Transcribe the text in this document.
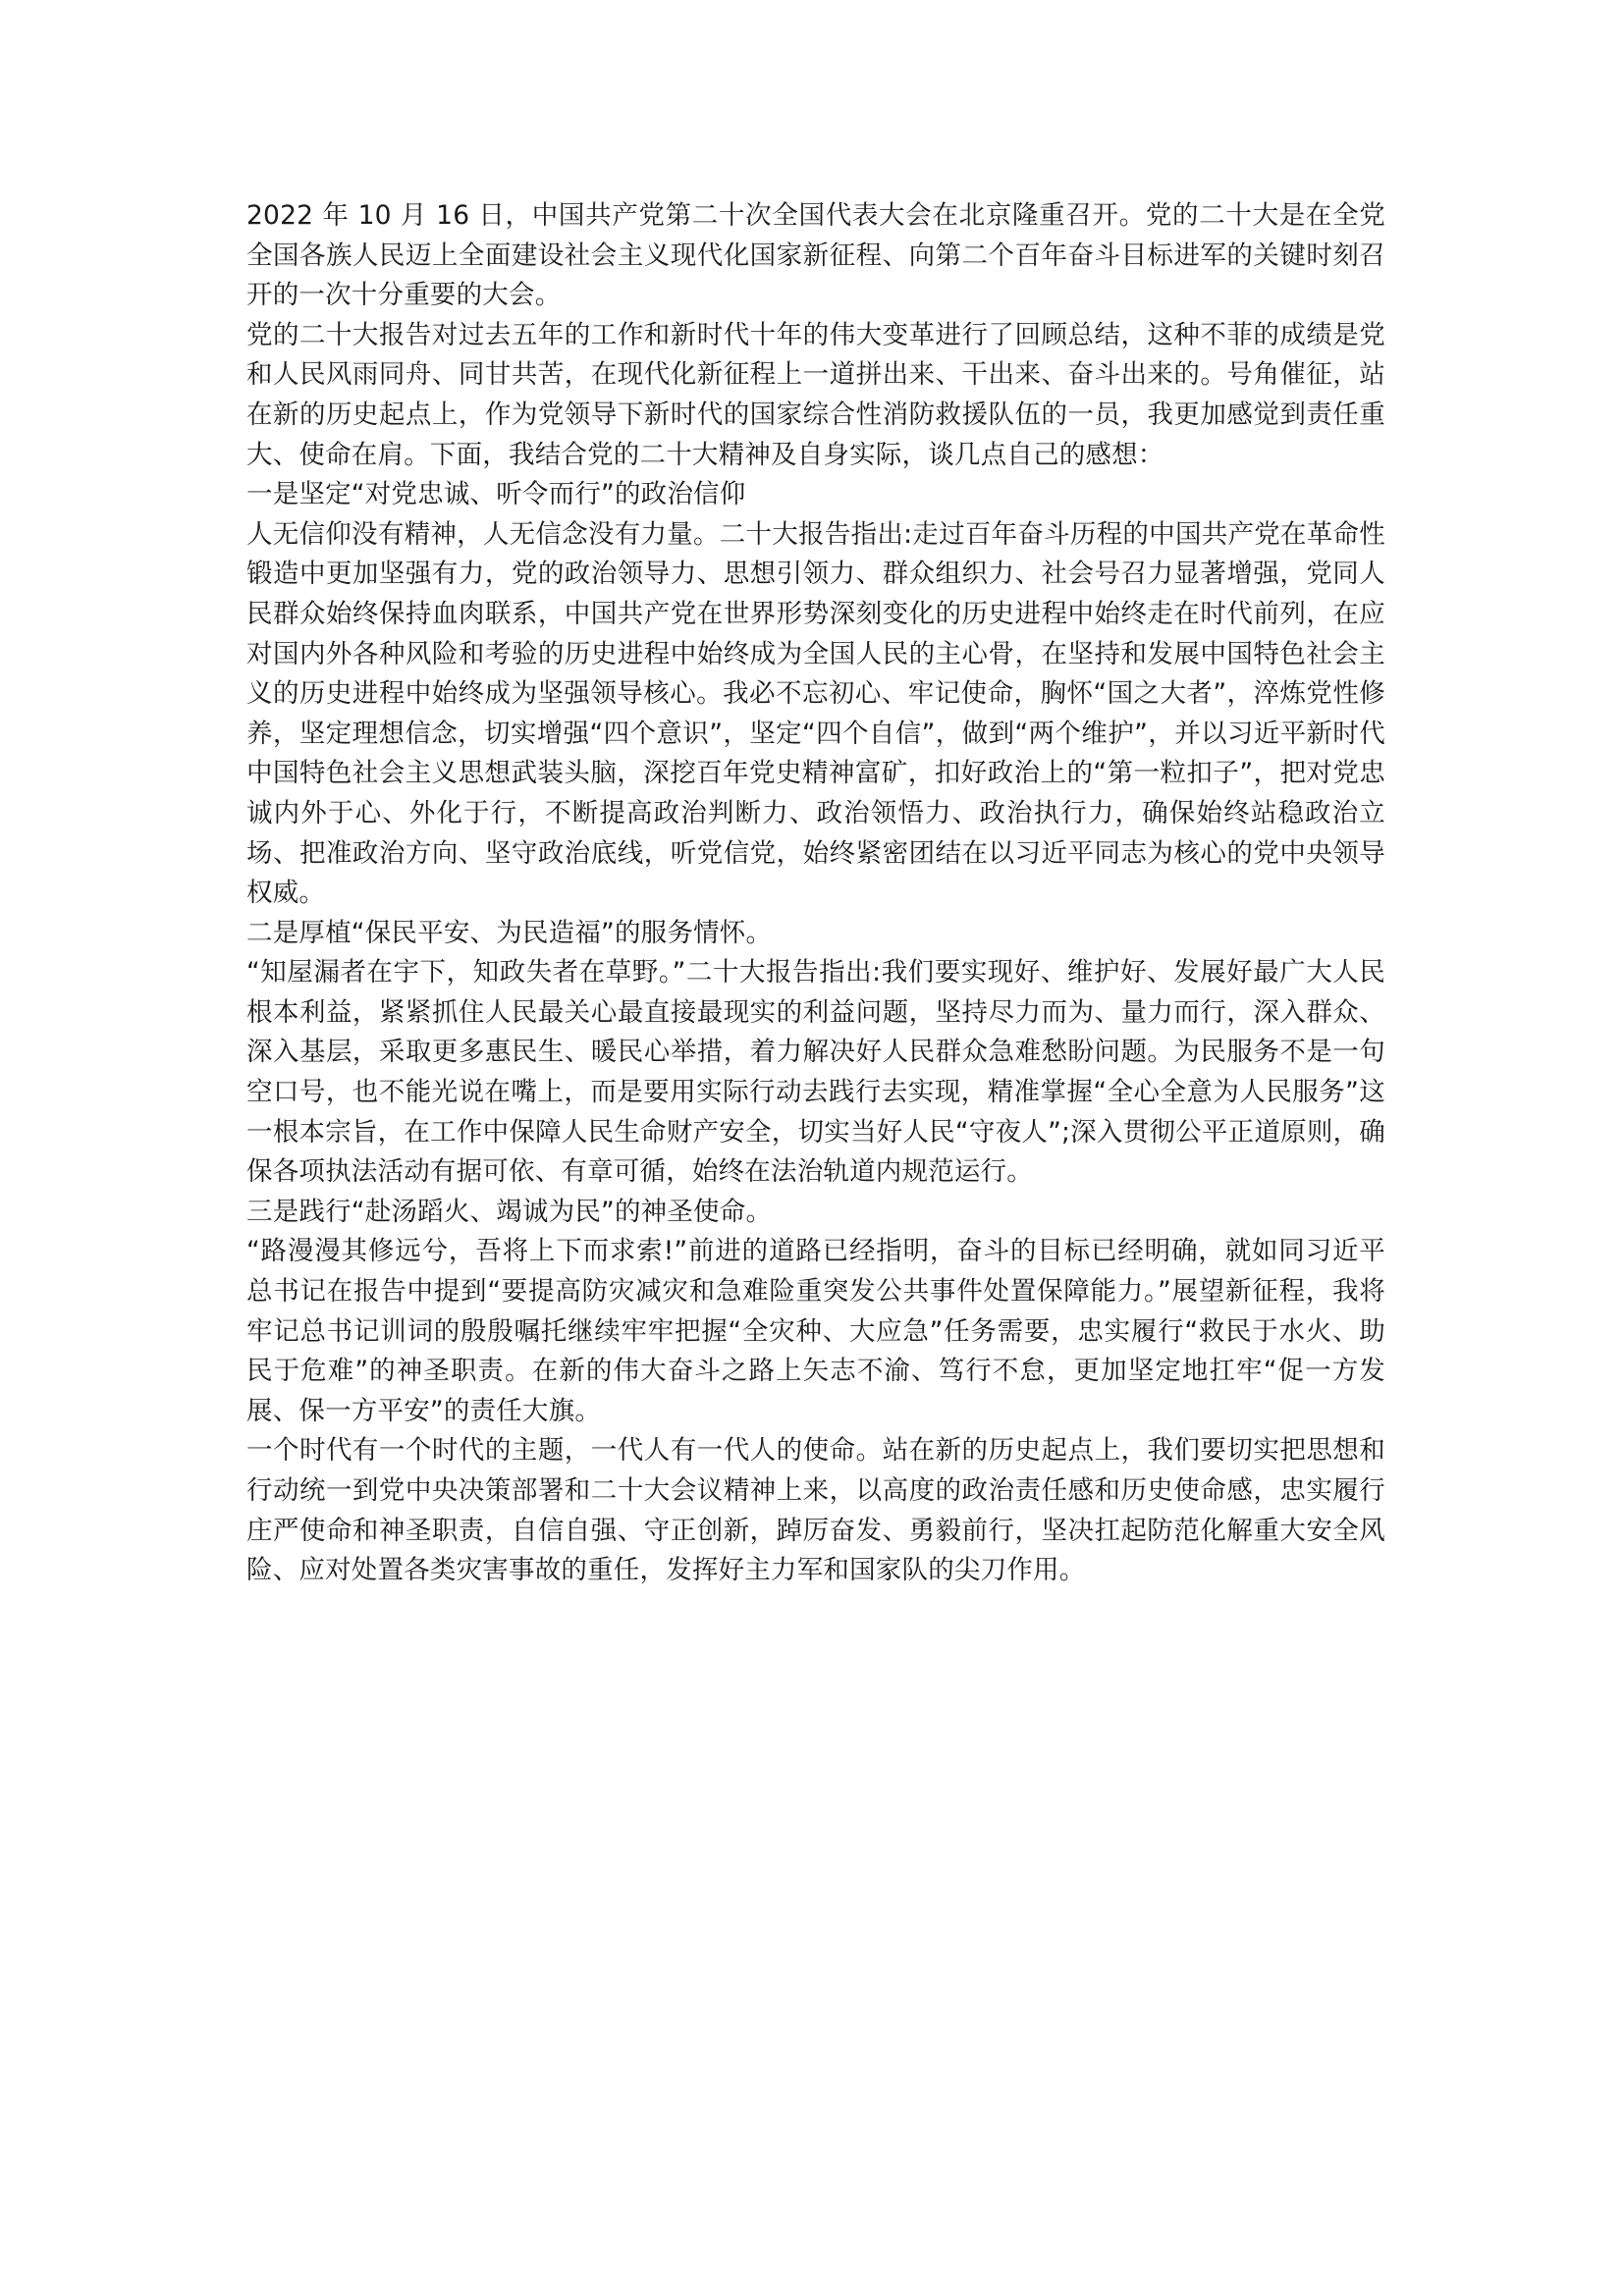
2022 年 10 月 16 日，中国共产党第二十次全国代表大会在北京隆重召开。党的二十大是在全党全国各族人民迈上全面建设社会主义现代化国家新征程、向第二个百年奋斗目标进军的关键时刻召开的一次十分重要的大会。

党的二十大报告对过去五年的工作和新时代十年的伟大变革进行了回顾总结，这种不菲的成绩是党和人民风雨同舟、同甘共苦，在现代化新征程上一道拼出来、干出来、奋斗出来的。号角催征，站在新的历史起点上，作为党领导下新时代的国家综合性消防救援队伍的一员，我更加感觉到责任重大、使命在肩。下面，我结合党的二十大精神及自身实际，谈几点自己的感想：

一是坚定“对党忠诚、听令而行”的政治信仰

人无信仰没有精神，人无信念没有力量。二十大报告指出:走过百年奋斗历程的中国共产党在革命性锻造中更加坚强有力，党的政治领导力、思想引领力、群众组织力、社会号召力显著增强，党同人民群众始终保持血肉联系，中国共产党在世界形势深刻变化的历史进程中始终走在时代前列，在应对国内外各种风险和考验的历史进程中始终成为全国人民的主心骨，在坚持和发展中国特色社会主义的历史进程中始终成为坚强领导核心。我必不忘初心、牢记使命，胸怀“国之大者”，淬炼党性修养，坚定理想信念，切实增强“四个意识”，坚定“四个自信”，做到“两个维护”，并以习近平新时代中国特色社会主义思想武装头脑，深挖百年党史精神富矿，扣好政治上的“第一粒扣子”，把对党忠诚内外于心、外化于行，不断提高政治判断力、政治领悟力、政治执行力，确保始终站稳政治立场、把准政治方向、坚守政治底线，听党信党，始终紧密团结在以习近平同志为核心的党中央领导权威。

二是厚植“保民平安、为民造福”的服务情怀。

“知屋漏者在宇下，知政失者在草野。”二十大报告指出:我们要实现好、维护好、发展好最广大人民根本利益，紧紧抓住人民最关心最直接最现实的利益问题，坚持尽力而为、量力而行，深入群众、深入基层，采取更多惠民生、暖民心举措，着力解决好人民群众急难愁盼问题。为民服务不是一句空口号，也不能光说在嘴上，而是要用实际行动去践行去实现，精准掌握“全心全意为人民服务”这一根本宗旨，在工作中保障人民生命财产安全，切实当好人民“守夜人”;深入贯彻公平正道原则，确保各项执法活动有据可依、有章可循，始终在法治轨道内规范运行。

三是践行“赴汤蹈火、竭诚为民”的神圣使命。

“路漫漫其修远兮，吾将上下而求索!”前进的道路已经指明，奋斗的目标已经明确，就如同习近平总书记在报告中提到“要提高防灾减灾和急难险重突发公共事件处置保障能力。”展望新征程，我将牢记总书记训词的殷殷嘱托继续牢牢把握“全灾种、大应急”任务需要，忠实履行“救民于水火、助民于危难”的神圣职责。在新的伟大奋斗之路上矢志不渝、笃行不怠，更加坚定地扛牢“促一方发展、保一方平安”的责任大旗。

一个时代有一个时代的主题，一代人有一代人的使命。站在新的历史起点上，我们要切实把思想和行动统一到党中央决策部署和二十大会议精神上来，以高度的政治责任感和历史使命感，忠实履行庄严使命和神圣职责，自信自强、守正创新，踔厉奋发、勇毅前行，坚决扛起防范化解重大安全风险、应对处置各类灾害事故的重任，发挥好主力军和国家队的尖刀作用。
